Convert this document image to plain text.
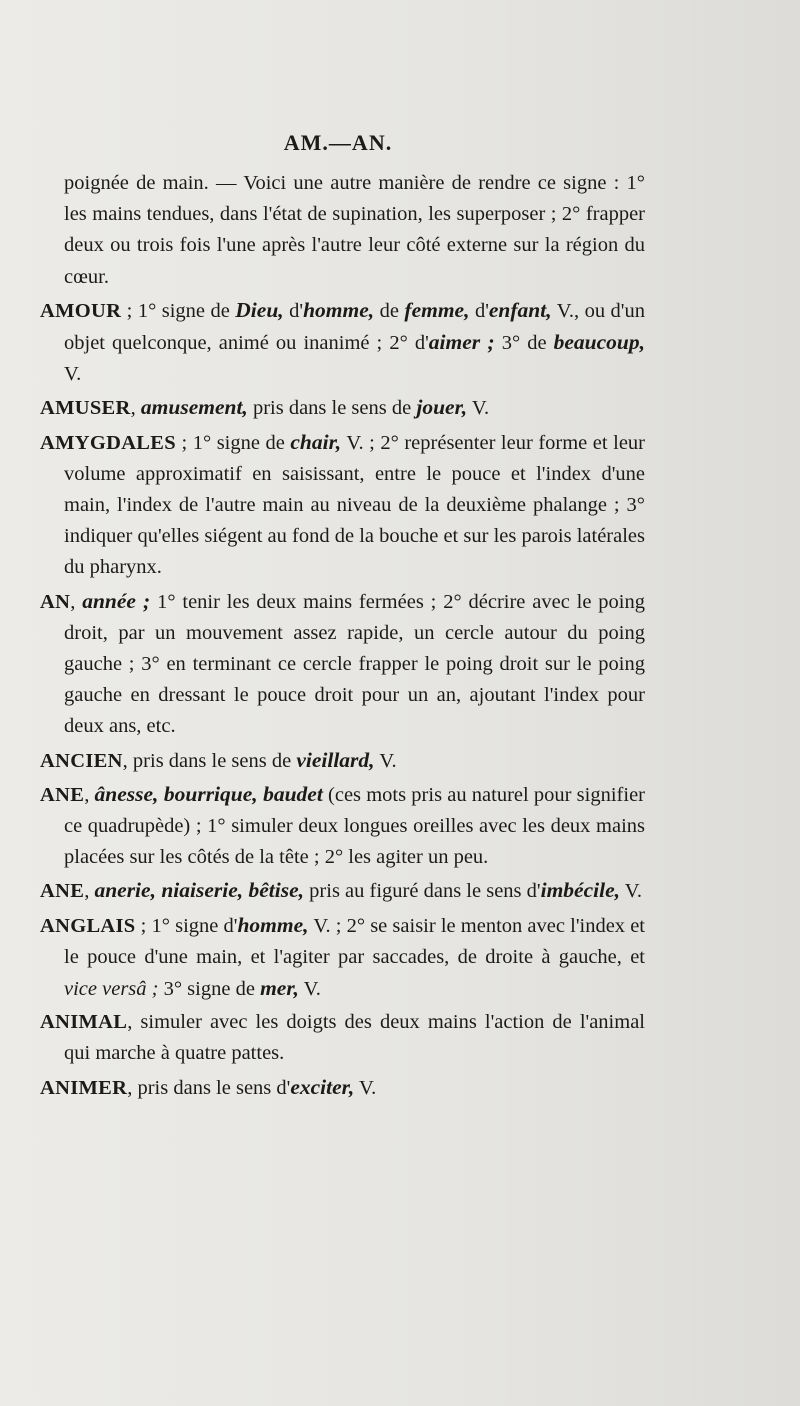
AM.—AN.

poignée de main. — Voici une autre manière de rendre ce signe : 1° les mains tendues, dans l'état de supination, les superposer ; 2° frapper deux ou trois fois l'une après l'autre leur côté externe sur la région du cœur.

AMOUR ; 1° signe de Dieu, d'homme, de femme, d'enfant, V., ou d'un objet quelconque, animé ou inanimé ; 2° d'aimer ; 3° de beaucoup, V.

AMUSER, amusement, pris dans le sens de jouer, V.

AMYGDALES ; 1° signe de chair, V. ; 2° représenter leur forme et leur volume approximatif en saisissant, entre le pouce et l'index d'une main, l'index de l'autre main au niveau de la deuxième phalange ; 3° indiquer qu'elles siégent au fond de la bouche et sur les parois latérales du pharynx.

AN, année ; 1° tenir les deux mains fermées ; 2° décrire avec le poing droit, par un mouvement assez rapide, un cercle autour du poing gauche ; 3° en terminant ce cercle frapper le poing droit sur le poing gauche en dressant le pouce droit pour un an, ajoutant l'index pour deux ans, etc.

ANCIEN, pris dans le sens de vieillard, V.

ANE, ânesse, bourrique, baudet (ces mots pris au naturel pour signifier ce quadrupède) ; 1° simuler deux longues oreilles avec les deux mains placées sur les côtés de la tête ; 2° les agiter un peu.

ANE, anerie, niaiserie, bêtise, pris au figuré dans le sens d'imbécile, V.

ANGLAIS ; 1° signe d'homme, V. ; 2° se saisir le menton avec l'index et le pouce d'une main, et l'agiter par saccades, de droite à gauche, et vice versâ ; 3° signe de mer, V.

ANIMAL, simuler avec les doigts des deux mains l'action de l'animal qui marche à quatre pattes.

ANIMER, pris dans le sens d'exciter, V.
